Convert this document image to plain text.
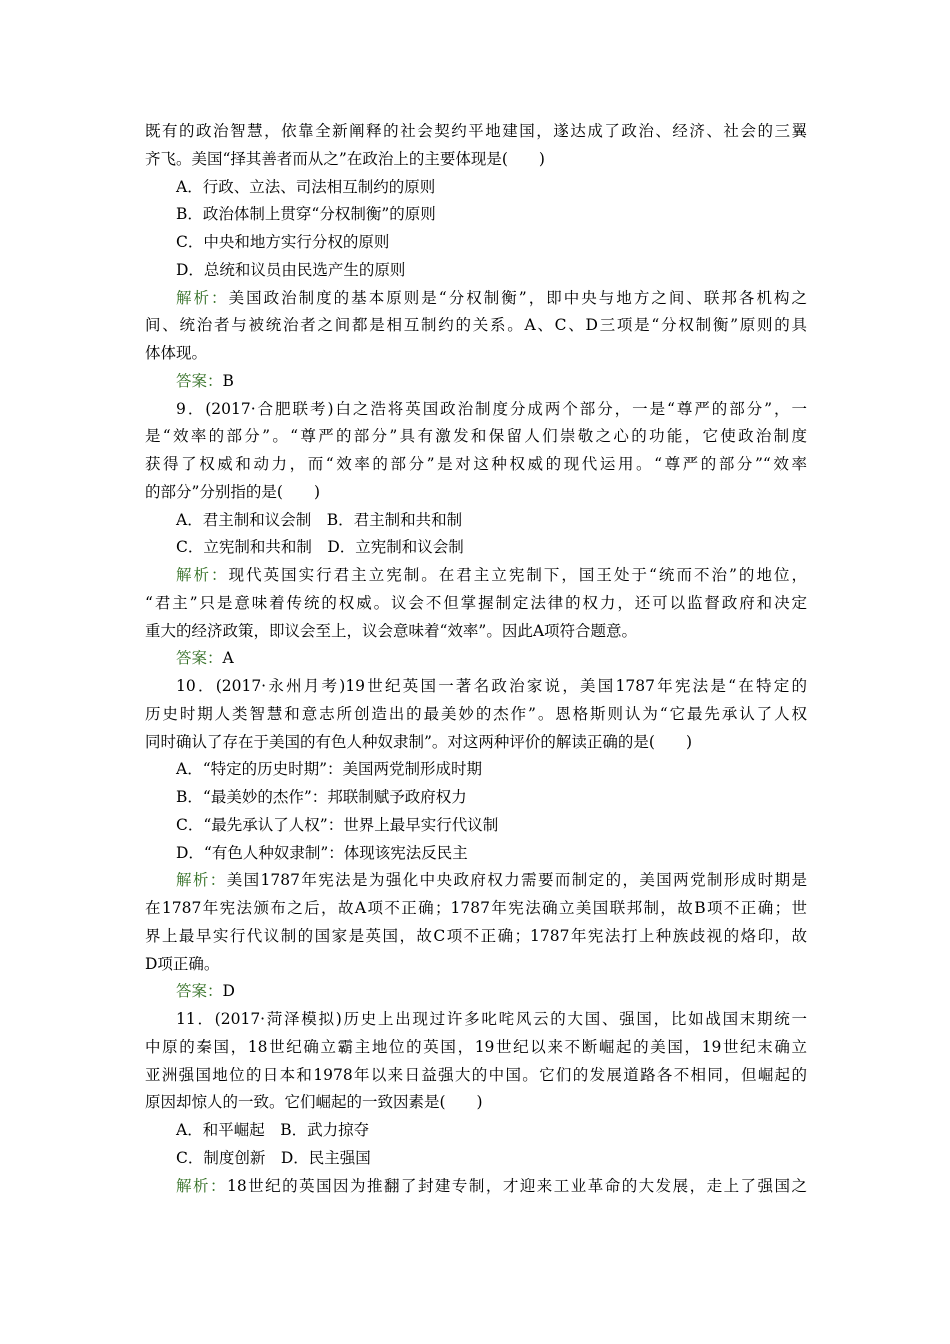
既有的政治智慧，依靠全新阐释的社会契约平地建国，遂达成了政治、经济、社会的三翼
齐飞。美国“择其善者而从之”在政治上的主要体现是(　　)
A．行政、立法、司法相互制约的原则
B．政治体制上贯穿“分权制衡”的原则
C．中央和地方实行分权的原则
D．总统和议员由民选产生的原则
解析：美国政治制度的基本原则是“分权制衡”，即中央与地方之间、联邦各机构之
间、统治者与被统治者之间都是相互制约的关系。A、C、D三项是“分权制衡”原则的具
体体现。
答案：B
9．(2017·合肥联考)白之浩将英国政治制度分成两个部分，一是“尊严的部分”，一
是“效率的部分”。“尊严的部分”具有激发和保留人们崇敬之心的功能，它使政治制度
获得了权威和动力，而“效率的部分”是对这种权威的现代运用。“尊严的部分”“效率
的部分”分别指的是(　　)
A．君主制和议会制　B．君主制和共和制
C．立宪制和共和制　D．立宪制和议会制
解析：现代英国实行君主立宪制。在君主立宪制下，国王处于“统而不治”的地位，
“君主”只是意味着传统的权威。议会不但掌握制定法律的权力，还可以监督政府和决定
重大的经济政策，即议会至上，议会意味着“效率”。因此A项符合题意。
答案：A
10．(2017·永州月考)19世纪英国一著名政治家说，美国1787年宪法是“在特定的
历史时期人类智慧和意志所创造出的最美妙的杰作”。恩格斯则认为“它最先承认了人权
同时确认了存在于美国的有色人种奴隶制”。对这两种评价的解读正确的是(　　)
A．“特定的历史时期”：美国两党制形成时期
B．“最美妙的杰作”：邦联制赋予政府权力
C．“最先承认了人权”：世界上最早实行代议制
D．“有色人种奴隶制”：体现该宪法反民主
解析：美国1787年宪法是为强化中央政府权力需要而制定的，美国两党制形成时期是
在1787年宪法颁布之后，故A项不正确；1787年宪法确立美国联邦制，故B项不正确；世
界上最早实行代议制的国家是英国，故C项不正确；1787年宪法打上种族歧视的烙印，故
D项正确。
答案：D
11．(2017·菏泽模拟)历史上出现过许多叱咤风云的大国、强国，比如战国末期统一
中原的秦国，18世纪确立霸主地位的英国，19世纪以来不断崛起的美国，19世纪末确立
亚洲强国地位的日本和1978年以来日益强大的中国。它们的发展道路各不相同，但崛起的
原因却惊人的一致。它们崛起的一致因素是(　　)
A．和平崛起　B．武力掠夺
C．制度创新　D．民主强国
解析：18世纪的英国因为推翻了封建专制，才迎来工业革命的大发展，走上了强国之
